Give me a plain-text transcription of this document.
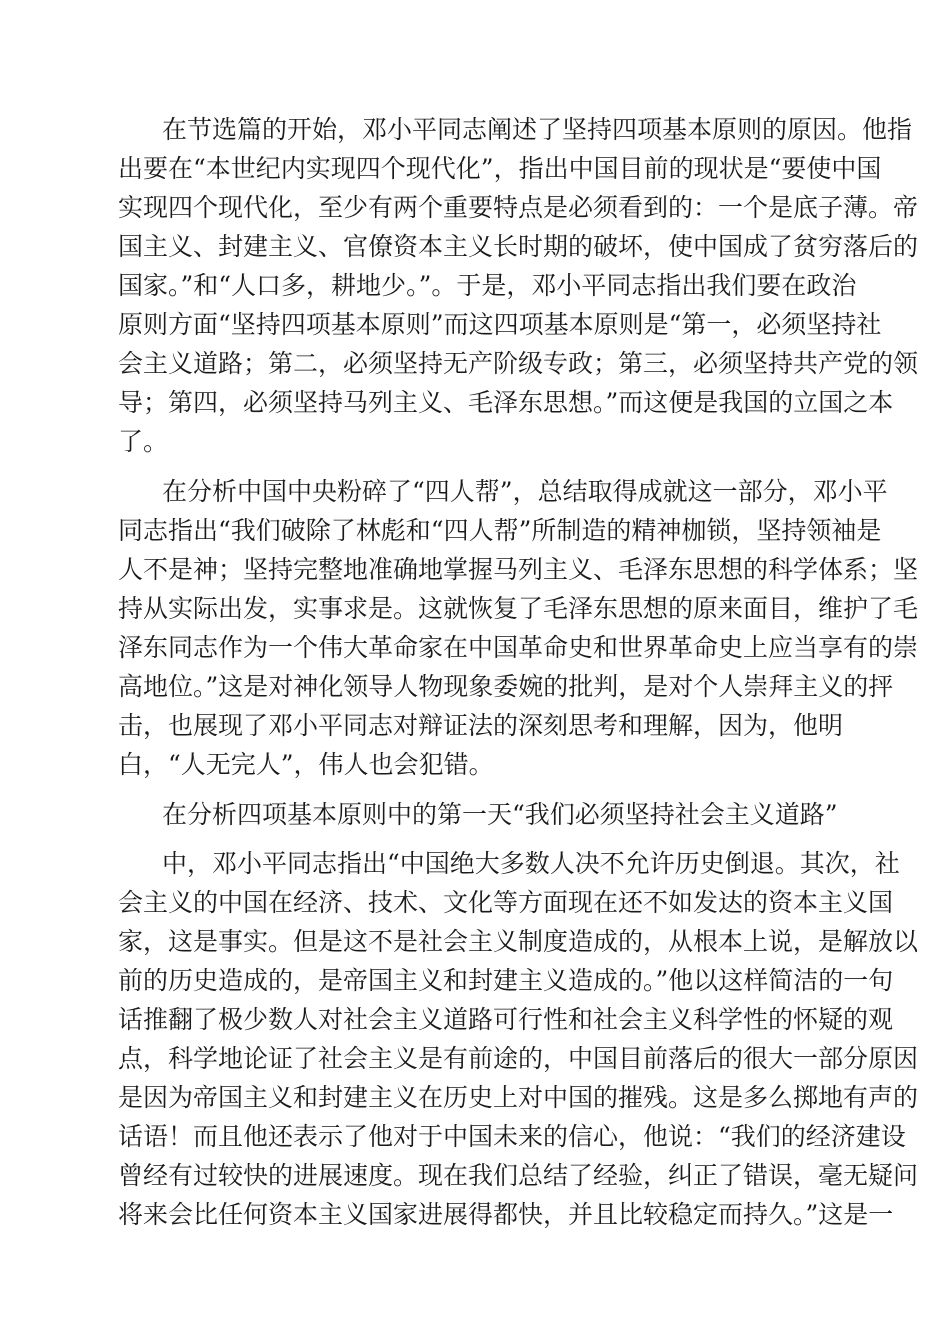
在节选篇的开始，邓小平同志阐述了坚持四项基本原则的原因。他指
出要在“本世纪内实现四个现代化”，指出中国目前的现状是“要使中国
实现四个现代化，至少有两个重要特点是必须看到的：一个是底子薄。帝
国主义、封建主义、官僚资本主义长时期的破坏，使中国成了贫穷落后的
国家。”和“人口多，耕地少。”。于是，邓小平同志指出我们要在政治
原则方面“坚持四项基本原则”而这四项基本原则是“第一，必须坚持社
会主义道路；第二，必须坚持无产阶级专政；第三，必须坚持共产党的领
导；第四，必须坚持马列主义、毛泽东思想。”而这便是我国的立国之本
了。
在分析中国中央粉碎了“四人帮”，总结取得成就这一部分，邓小平
同志指出“我们破除了林彪和“四人帮”所制造的精神枷锁，坚持领袖是
人不是神；坚持完整地准确地掌握马列主义、毛泽东思想的科学体系；坚
持从实际出发，实事求是。这就恢复了毛泽东思想的原来面目，维护了毛
泽东同志作为一个伟大革命家在中国革命史和世界革命史上应当享有的崇
高地位。”这是对神化领导人物现象委婉的批判，是对个人崇拜主义的抨
击，也展现了邓小平同志对辩证法的深刻思考和理解，因为，他明
白，“人无完人”，伟人也会犯错。
在分析四项基本原则中的第一天“我们必须坚持社会主义道路”
中，邓小平同志指出“中国绝大多数人决不允许历史倒退。其次，社
会主义的中国在经济、技术、文化等方面现在还不如发达的资本主义国
家，这是事实。但是这不是社会主义制度造成的，从根本上说，是解放以
前的历史造成的，是帝国主义和封建主义造成的。”他以这样简洁的一句
话推翻了极少数人对社会主义道路可行性和社会主义科学性的怀疑的观
点，科学地论证了社会主义是有前途的，中国目前落后的很大一部分原因
是因为帝国主义和封建主义在历史上对中国的摧残。这是多么掷地有声的
话语！而且他还表示了他对于中国未来的信心，他说：“我们的经济建设
曾经有过较快的进展速度。现在我们总结了经验，纠正了错误，毫无疑问
将来会比任何资本主义国家进展得都快，并且比较稳定而持久。”这是一
